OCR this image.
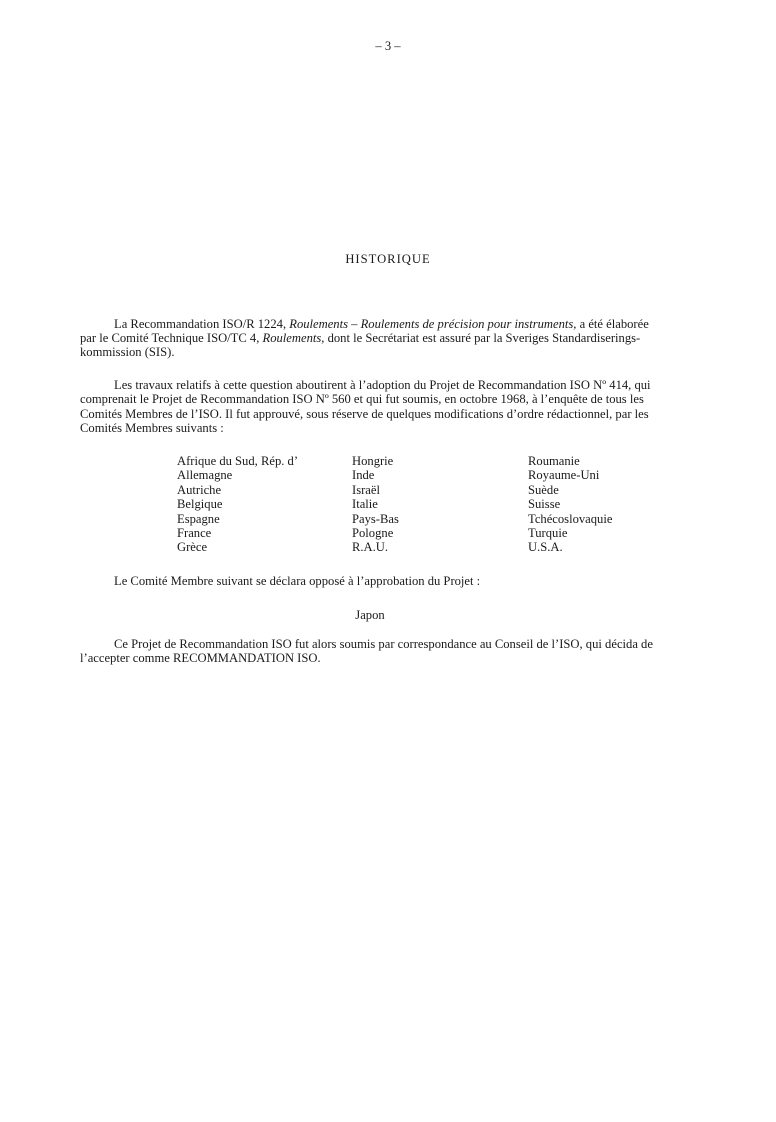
– 3 –
HISTORIQUE
La Recommandation ISO/R 1224, Roulements – Roulements de précision pour instruments, a été élaborée
par le Comité Technique ISO/TC 4, Roulements, dont le Secrétariat est assuré par la Sveriges Standardiserings-
kommission (SIS).
Les travaux relatifs à cette question aboutirent à l’adoption du Projet de Recommandation ISO Nº 414, qui
comprenait le Projet de Recommandation ISO Nº 560 et qui fut soumis, en octobre 1968, à l’enquête de tous les
Comités Membres de l’ISO. Il fut approuvé, sous réserve de quelques modifications d’ordre rédactionnel, par les
Comités Membres suivants :
Afrique du Sud, Rép. d’	Hongrie	Roumanie
Allemagne	Inde	Royaume-Uni
Autriche	Israël	Suède
Belgique	Italie	Suisse
Espagne	Pays-Bas	Tchécoslovaquie
France	Pologne	Turquie
Grèce	R.A.U.	U.S.A.
Le Comité Membre suivant se déclara opposé à l’approbation du Projet :
Japon
Ce Projet de Recommandation ISO fut alors soumis par correspondance au Conseil de l’ISO, qui décida de
l’accepter comme RECOMMANDATION ISO.
